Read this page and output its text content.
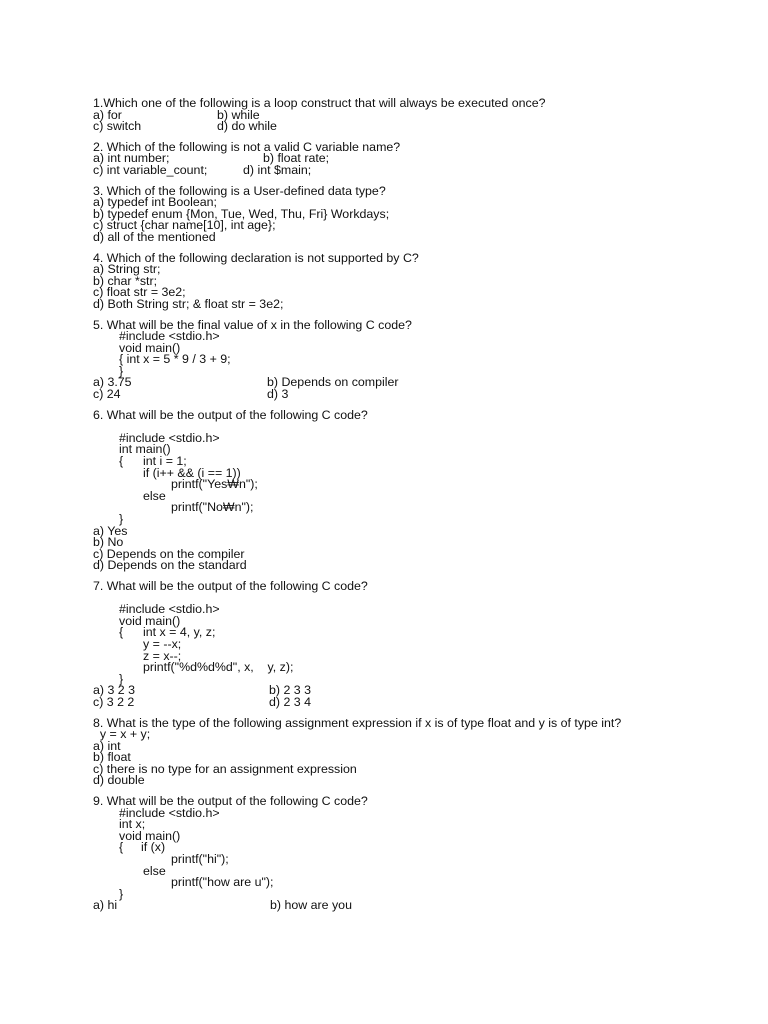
1.Which one of the following is a loop construct that will always be executed once?
a) for	b) while
c) switch	d) do while
2. Which of the following is not a valid C variable name?
a) int number;	b) float rate;
c) int variable_count;	d) int $main;
3. Which of the following is a User-defined data type?
a) typedef int Boolean;
b) typedef enum {Mon, Tue, Wed, Thu, Fri} Workdays;
c) struct {char name[10], int age};
d) all of the mentioned
4. Which of the following declaration is not supported by C?
a) String str;
b) char *str;
c) float str = 3e2;
d) Both String str; & float str = 3e2;
5. What will be the final value of x in the following C code?
#include <stdio.h>
void main()
{ int x = 5 * 9 / 3 + 9;
}
a) 3.75	b) Depends on compiler
c) 24	d) 3
6. What will be the output of the following C code?
#include <stdio.h>
int main()
{	int i = 1;
if (i++ && (i == 1))
printf("Yes₩n");
else
printf("No₩n");
}
a) Yes
b) No
c) Depends on the compiler
d) Depends on the standard
7. What will be the output of the following C code?
#include <stdio.h>
void main()
{	int x = 4, y, z;
y = --x;
z = x--;
printf("%d%d%d", x,    y, z);
}
a) 3 2 3	b) 2 3 3
c) 3 2 2	d) 2 3 4
8. What is the type of the following assignment expression if x is of type float and y is of type int?
y = x + y;
a) int
b) float
c) there is no type for an assignment expression
d) double
9. What will be the output of the following C code?
#include <stdio.h>
int x;
void main()
{	if (x)
printf("hi");
else
printf("how are u");
}
a) hi	b) how are you
